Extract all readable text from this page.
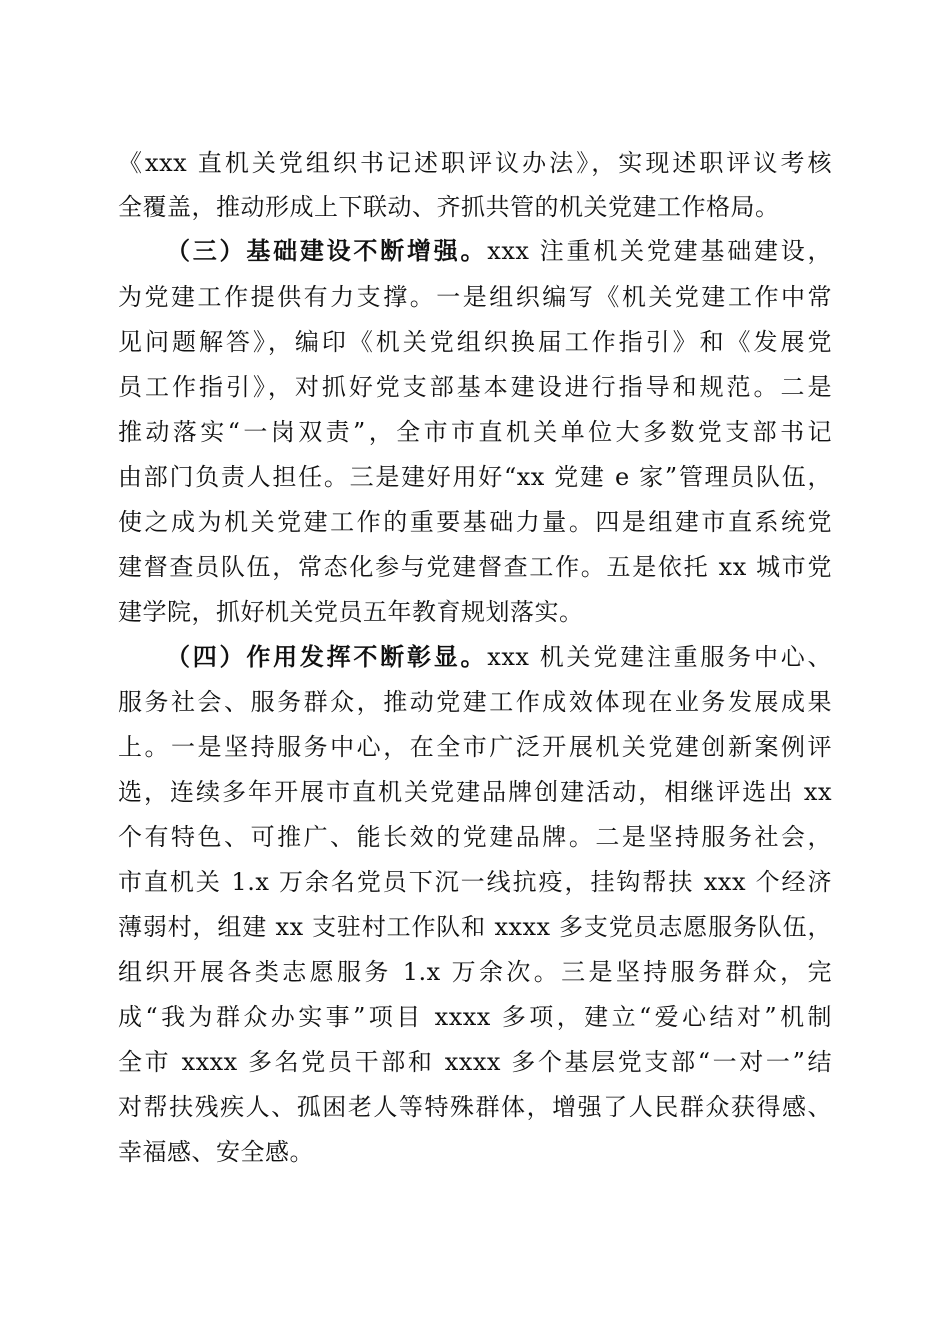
《xxx 直机关党组织书记述职评议办法》，实现述职评议考核
全覆盖，推动形成上下联动、齐抓共管的机关党建工作格局。
（三）基础建设不断增强。xxx 注重机关党建基础建设，
为党建工作提供有力支撑。一是组织编写《机关党建工作中常
见问题解答》，编印《机关党组织换届工作指引》和《发展党
员工作指引》，对抓好党支部基本建设进行指导和规范。二是
推动落实“一岗双责”，全市市直机关单位大多数党支部书记
由部门负责人担任。三是建好用好“xx 党建 e 家”管理员队伍，
使之成为机关党建工作的重要基础力量。四是组建市直系统党
建督查员队伍，常态化参与党建督查工作。五是依托 xx 城市党
建学院，抓好机关党员五年教育规划落实。
（四）作用发挥不断彰显。xxx 机关党建注重服务中心、
服务社会、服务群众，推动党建工作成效体现在业务发展成果
上。一是坚持服务中心，在全市广泛开展机关党建创新案例评
选，连续多年开展市直机关党建品牌创建活动，相继评选出 xx
个有特色、可推广、能长效的党建品牌。二是坚持服务社会，
市直机关 1.x 万余名党员下沉一线抗疫，挂钩帮扶 xxx 个经济
薄弱村，组建 xx 支驻村工作队和 xxxx 多支党员志愿服务队伍，
组织开展各类志愿服务 1.x 万余次。三是坚持服务群众，完
成“我为群众办实事”项目 xxxx 多项，建立“爱心结对”机制
全市 xxxx 多名党员干部和 xxxx 多个基层党支部“一对一”结
对帮扶残疾人、孤困老人等特殊群体，增强了人民群众获得感、
幸福感、安全感。
